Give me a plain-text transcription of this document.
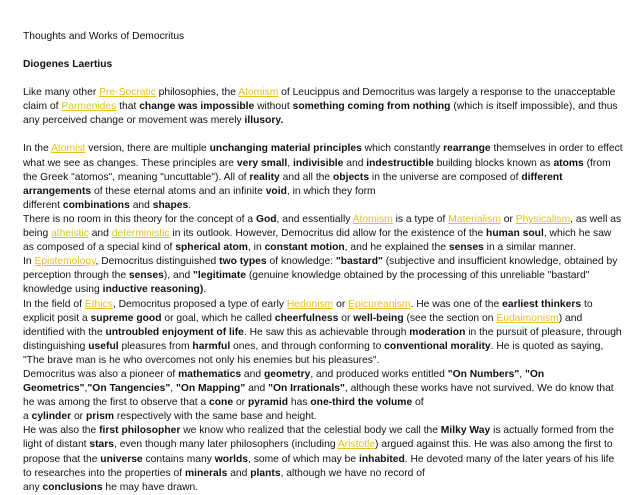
Thoughts and Works of Democritus

Diogenes Laertius

Like many other Pre-Socratic philosophies, the Atomism of Leucippus and Democritus was largely a response to the unacceptable claim of Parmenides that change was impossible without something coming from nothing (which is itself impossible), and thus any perceived change or movement was merely illusory.

In the Atomist version, there are multiple unchanging material principles which constantly rearrange themselves in order to effect what we see as changes. These principles are very small, indivisible and indestructible building blocks known as atoms (from the Greek "atomos", meaning "uncuttable"). All of reality and all the objects in the universe are composed of different arrangements of these eternal atoms and an infinite void, in which they form
different combinations and shapes.

There is no room in this theory for the concept of a God, and essentially Atomism is a type of Materialism or Physicalism, as well as being atheistic and deterministic in its outlook. However, Democritus did allow for the existence of the human soul, which he saw as composed of a special kind of spherical atom, in constant motion, and he explained the senses in a similar manner.

In Epistemology, Democritus distinguished two types of knowledge: "bastard" (subjective and insufficient knowledge, obtained by perception through the senses), and "legitimate (genuine knowledge obtained by the processing of this unreliable "bastard" knowledge using inductive reasoning).

In the field of Ethics, Democritus proposed a type of early Hedonism or Epicureanism. He was one of the earliest thinkers to explicit posit a supreme good or goal, which he called cheerfulness or well-being (see the section on Eudaimonism) and identified with the untroubled enjoyment of life. He saw this as achievable through moderation in the pursuit of pleasure, through distinguishing useful pleasures from harmful ones, and through conforming to conventional morality. He is quoted as saying, "The brave man is he who overcomes not only his enemies but his pleasures".

Democritus was also a pioneer of mathematics and geometry, and produced works entitled "On Numbers", "On Geometrics","On Tangencies", "On Mapping" and "On Irrationals", although these works have not survived. We do know that he was among the first to observe that a cone or pyramid has one-third the volume of
a cylinder or prism respectively with the same base and height.

He was also the first philosopher we know who realized that the celestial body we call the Milky Way is actually formed from the light of distant stars, even though many later philosophers (including Aristotle) argued against this. He was also among the first to propose that the universe contains many worlds, some of which may be inhabited. He devoted many of the later years of his life to researches into the properties of minerals and plants, although we have no record of
any conclusions he may have drawn.
